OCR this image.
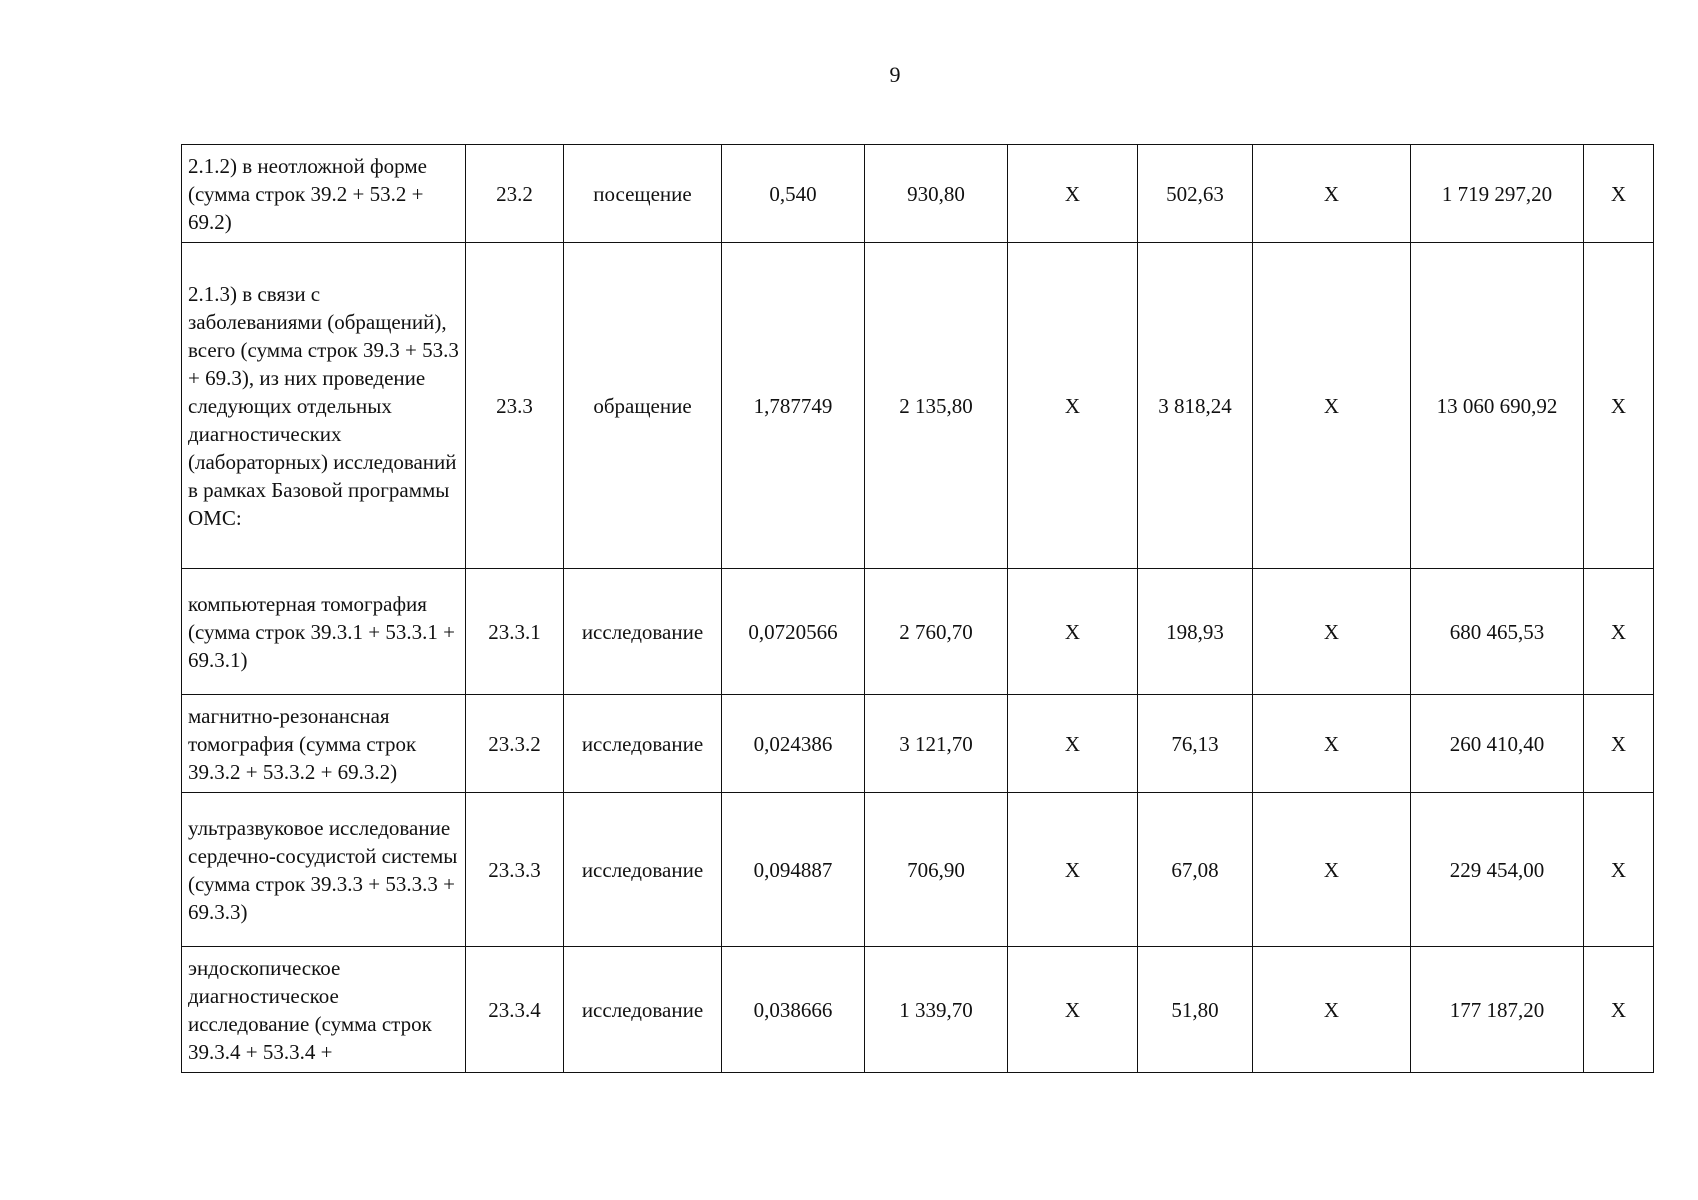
9
2.1.2) в неотложной форме (сумма строк 39.2 + 53.2 + 69.2)	23.2	посещение	0,540	930,80	X	502,63	X	1 719 297,20	X
2.1.3) в связи с заболеваниями (обращений), всего (сумма строк 39.3 + 53.3 + 69.3), из них проведение следующих отдельных диагностических (лабораторных) исследований в рамках Базовой программы ОМС:	23.3	обращение	1,787749	2 135,80	X	3 818,24	X	13 060 690,92	X
компьютерная томография (сумма строк 39.3.1 + 53.3.1 + 69.3.1)	23.3.1	исследование	0,0720566	2 760,70	X	198,93	X	680 465,53	X
магнитно-резонансная томография (сумма строк 39.3.2 + 53.3.2 + 69.3.2)	23.3.2	исследование	0,024386	3 121,70	X	76,13	X	260 410,40	X
ультразвуковое исследование сердечно-сосудистой системы (сумма строк 39.3.3 + 53.3.3 + 69.3.3)	23.3.3	исследование	0,094887	706,90	X	67,08	X	229 454,00	X
эндоскопическое диагностическое исследование (сумма строк 39.3.4 + 53.3.4 +	23.3.4	исследование	0,038666	1 339,70	X	51,80	X	177 187,20	X
